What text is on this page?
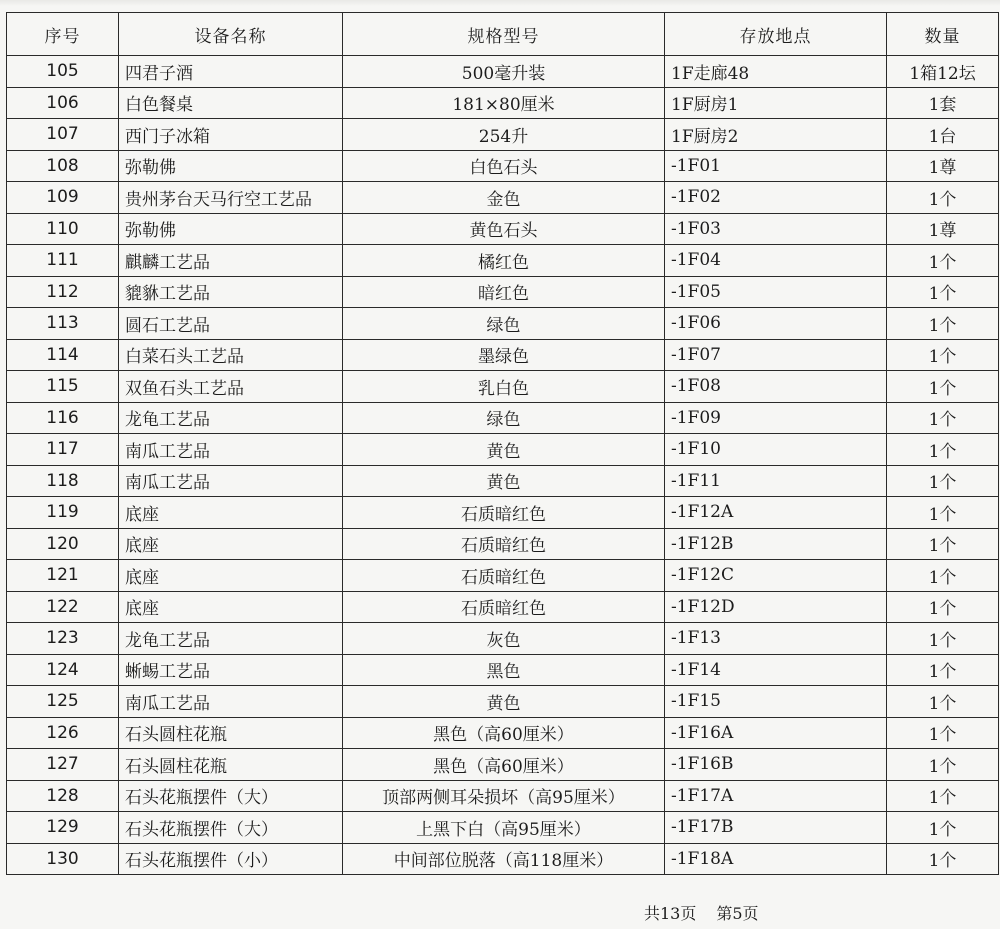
序号	设备名称	规格型号	存放地点	数量
105	四君子酒	500毫升装	1F走廊48	1箱12坛
106	白色餐桌	181×80厘米	1F厨房1	1套
107	西门子冰箱	254升	1F厨房2	1台
108	弥勒佛	白色石头	-1F01	1尊
109	贵州茅台天马行空工艺品	金色	-1F02	1个
110	弥勒佛	黄色石头	-1F03	1尊
111	麒麟工艺品	橘红色	-1F04	1个
112	貔貅工艺品	暗红色	-1F05	1个
113	圆石工艺品	绿色	-1F06	1个
114	白菜石头工艺品	墨绿色	-1F07	1个
115	双鱼石头工艺品	乳白色	-1F08	1个
116	龙龟工艺品	绿色	-1F09	1个
117	南瓜工艺品	黄色	-1F10	1个
118	南瓜工艺品	黄色	-1F11	1个
119	底座	石质暗红色	-1F12A	1个
120	底座	石质暗红色	-1F12B	1个
121	底座	石质暗红色	-1F12C	1个
122	底座	石质暗红色	-1F12D	1个
123	龙龟工艺品	灰色	-1F13	1个
124	蜥蜴工艺品	黑色	-1F14	1个
125	南瓜工艺品	黄色	-1F15	1个
126	石头圆柱花瓶	黑色（高60厘米）	-1F16A	1个
127	石头圆柱花瓶	黑色（高60厘米）	-1F16B	1个
128	石头花瓶摆件（大）	顶部两侧耳朵损坏（高95厘米）	-1F17A	1个
129	石头花瓶摆件（大）	上黑下白（高95厘米）	-1F17B	1个
130	石头花瓶摆件（小）	中间部位脱落（高118厘米）	-1F18A	1个
共13页 第5页
